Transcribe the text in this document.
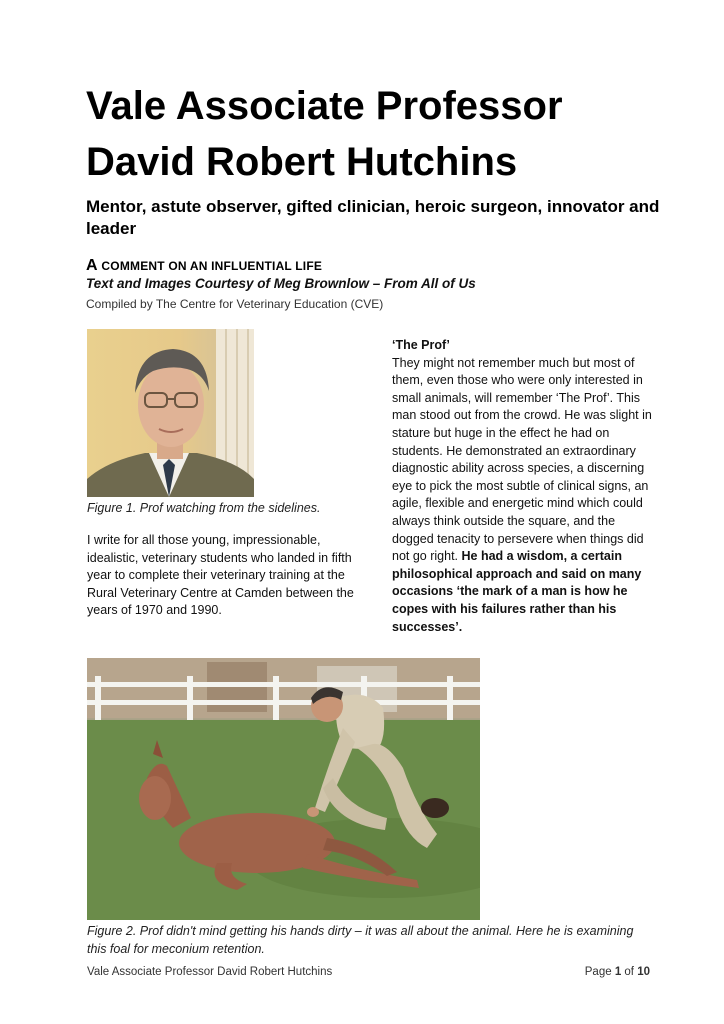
Vale Associate Professor
David Robert Hutchins

Mentor, astute observer, gifted clinician, heroic surgeon, innovator and leader

A COMMENT ON AN INFLUENTIAL LIFE

Text and Images Courtesy of Meg Brownlow – From All of Us

Compiled by The Centre for Veterinary Education (CVE)

Figure 1. Prof watching from the sidelines.

I write for all those young, impressionable, idealistic, veterinary students who landed in fifth year to complete their veterinary training at the Rural Veterinary Centre at Camden between the years of 1970 and 1990.

‘The Prof’
They might not remember much but most of them, even those who were only interested in small animals, will remember ‘The Prof’. This man stood out from the crowd. He was slight in stature but huge in the effect he had on students. He demonstrated an extraordinary diagnostic ability across species, a discerning eye to pick the most subtle of clinical signs, an agile, flexible and energetic mind which could always think outside the square, and the dogged tenacity to persevere when things did not go right. He had a wisdom, a certain philosophical approach and said on many occasions ‘the mark of a man is how he copes with his failures rather than his successes’.

Figure 2. Prof didn't mind getting his hands dirty – it was all about the animal. Here he is examining this foal for meconium retention.

Vale Associate Professor David Robert Hutchins	Page 1 of 10
